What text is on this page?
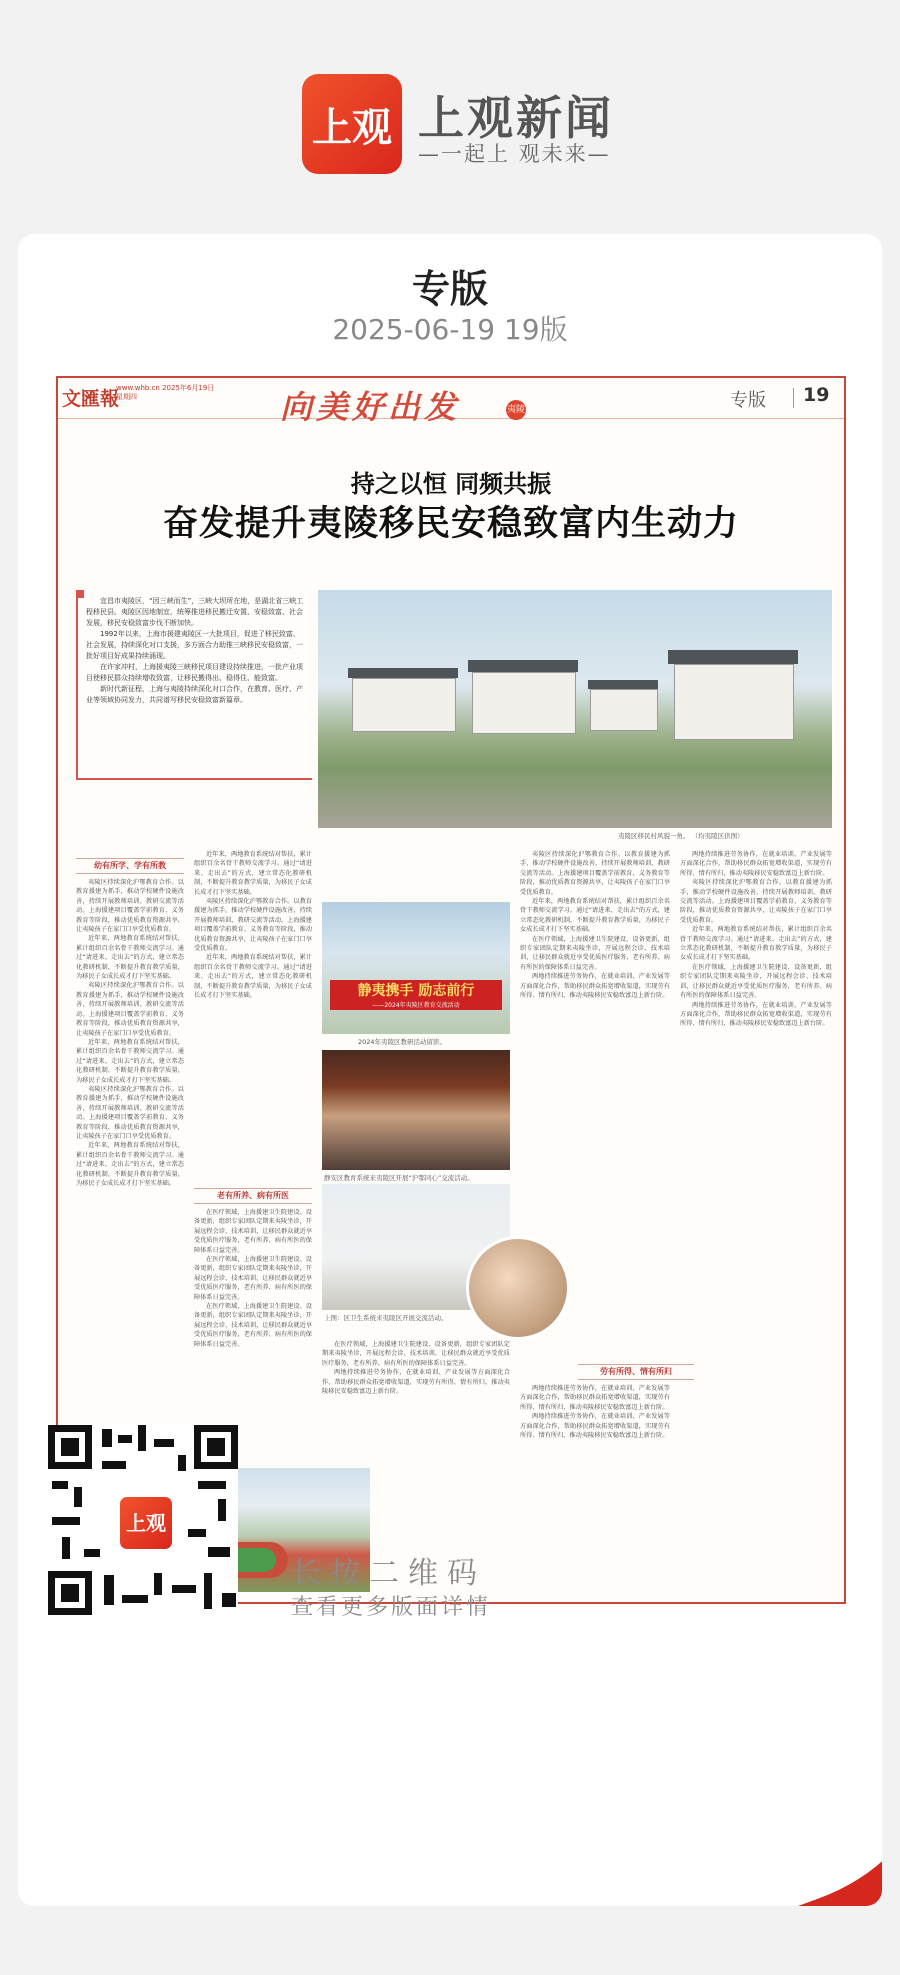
上观 上观新闻
—一起上 观未来—
专版
2025-06-19 19版
文匯報
www.whb.cn 2025年6月19日 星期四	向美好出发	夷陵	专版 19
持之以恒 同频共振
奋发提升夷陵移民安稳致富内生动力

宜昌市夷陵区，“因三峡而生”，三峡大坝所在地，是湖北省三峡工程移民县。夷陵区因地制宜，统筹推进移民搬迁安置、安稳致富、社会发展，移民安稳致富步伐不断加快。

1992年以来，上海市援建夷陵区一大批项目，促进了移民致富、社会发展，持续深化对口支援，多方面合力助推三峡移民安稳致富，一批好项目好成果持续涌现。

在许家冲村，上海援夷陵三峡移民项目建设持续推进，一批产业项目使移民群众持续增收致富，让移民搬得出、稳得住、能致富。

新时代新征程，上海与夷陵持续深化对口合作，在教育、医疗、产业等领域协同发力，共同谱写移民安稳致富新篇章。

夷陵区移民村风貌一角。 （均夷陵区供图）
幼有所学、学有所教

夷陵区持续深化沪鄂教育合作。以教育援建为抓手，推动学校硬件设施改善，持续开展教师培训、教研交流等活动。上海援建项目覆盖学前教育、义务教育等阶段，推动优质教育资源共享，让夷陵孩子在家门口享受优质教育。

近年来，两地教育系统结对帮扶，累计组织百余名骨干教师交流学习。通过“请进来、走出去”的方式，建立常态化教研机制，不断提升教育教学质量，为移民子女成长成才打下坚实基础。

夷陵区持续深化沪鄂教育合作。以教育援建为抓手，推动学校硬件设施改善，持续开展教师培训、教研交流等活动。上海援建项目覆盖学前教育、义务教育等阶段，推动优质教育资源共享，让夷陵孩子在家门口享受优质教育。

近年来，两地教育系统结对帮扶，累计组织百余名骨干教师交流学习。通过“请进来、走出去”的方式，建立常态化教研机制，不断提升教育教学质量，为移民子女成长成才打下坚实基础。

夷陵区持续深化沪鄂教育合作。以教育援建为抓手，推动学校硬件设施改善，持续开展教师培训、教研交流等活动。上海援建项目覆盖学前教育、义务教育等阶段，推动优质教育资源共享，让夷陵孩子在家门口享受优质教育。

近年来，两地教育系统结对帮扶，累计组织百余名骨干教师交流学习。通过“请进来、走出去”的方式，建立常态化教研机制，不断提升教育教学质量，为移民子女成长成才打下坚实基础。

近年来，两地教育系统结对帮扶，累计组织百余名骨干教师交流学习。通过“请进来、走出去”的方式，建立常态化教研机制，不断提升教育教学质量，为移民子女成长成才打下坚实基础。

夷陵区持续深化沪鄂教育合作。以教育援建为抓手，推动学校硬件设施改善，持续开展教师培训、教研交流等活动。上海援建项目覆盖学前教育、义务教育等阶段，推动优质教育资源共享，让夷陵孩子在家门口享受优质教育。

近年来，两地教育系统结对帮扶，累计组织百余名骨干教师交流学习。通过“请进来、走出去”的方式，建立常态化教研机制，不断提升教育教学质量，为移民子女成长成才打下坚实基础。

老有所养、病有所医

在医疗领域，上海援建卫生院建设、设备更新，组织专家团队定期来夷陵坐诊，开展远程会诊、技术培训，让移民群众就近享受优质医疗服务，老有所养、病有所医的保障体系日益完善。

在医疗领域，上海援建卫生院建设、设备更新，组织专家团队定期来夷陵坐诊，开展远程会诊、技术培训，让移民群众就近享受优质医疗服务，老有所养、病有所医的保障体系日益完善。

在医疗领域，上海援建卫生院建设、设备更新，组织专家团队定期来夷陵坐诊，开展远程会诊、技术培训，让移民群众就近享受优质医疗服务，老有所养、病有所医的保障体系日益完善。

静夷携手 励志前行
——2024年夷陵区教育交流活动
2024年夷陵区教研活动留影。
静安区教育系统来夷陵区开展“沪鄂同心”交流活动。
上图：区卫生系统来夷陵区开展交流活动。

在医疗领域，上海援建卫生院建设、设备更新，组织专家团队定期来夷陵坐诊，开展远程会诊、技术培训，让移民群众就近享受优质医疗服务，老有所养、病有所医的保障体系日益完善。

两地持续推进劳务协作，在就业培训、产业发展等方面深化合作，帮助移民群众拓宽增收渠道，实现劳有所得、情有所归，推动夷陵移民安稳致富迈上新台阶。

夷陵区持续深化沪鄂教育合作。以教育援建为抓手，推动学校硬件设施改善，持续开展教师培训、教研交流等活动。上海援建项目覆盖学前教育、义务教育等阶段，推动优质教育资源共享，让夷陵孩子在家门口享受优质教育。

近年来，两地教育系统结对帮扶，累计组织百余名骨干教师交流学习。通过“请进来、走出去”的方式，建立常态化教研机制，不断提升教育教学质量，为移民子女成长成才打下坚实基础。

在医疗领域，上海援建卫生院建设、设备更新，组织专家团队定期来夷陵坐诊，开展远程会诊、技术培训，让移民群众就近享受优质医疗服务，老有所养、病有所医的保障体系日益完善。

两地持续推进劳务协作，在就业培训、产业发展等方面深化合作，帮助移民群众拓宽增收渠道，实现劳有所得、情有所归，推动夷陵移民安稳致富迈上新台阶。

劳有所得、情有所归

两地持续推进劳务协作，在就业培训、产业发展等方面深化合作，帮助移民群众拓宽增收渠道，实现劳有所得、情有所归，推动夷陵移民安稳致富迈上新台阶。

两地持续推进劳务协作，在就业培训、产业发展等方面深化合作，帮助移民群众拓宽增收渠道，实现劳有所得、情有所归，推动夷陵移民安稳致富迈上新台阶。

两地持续推进劳务协作，在就业培训、产业发展等方面深化合作，帮助移民群众拓宽增收渠道，实现劳有所得、情有所归，推动夷陵移民安稳致富迈上新台阶。

夷陵区持续深化沪鄂教育合作。以教育援建为抓手，推动学校硬件设施改善，持续开展教师培训、教研交流等活动。上海援建项目覆盖学前教育、义务教育等阶段，推动优质教育资源共享，让夷陵孩子在家门口享受优质教育。

近年来，两地教育系统结对帮扶，累计组织百余名骨干教师交流学习。通过“请进来、走出去”的方式，建立常态化教研机制，不断提升教育教学质量，为移民子女成长成才打下坚实基础。

在医疗领域，上海援建卫生院建设、设备更新，组织专家团队定期来夷陵坐诊，开展远程会诊、技术培训，让移民群众就近享受优质医疗服务，老有所养、病有所医的保障体系日益完善。

两地持续推进劳务协作，在就业培训、产业发展等方面深化合作，帮助移民群众拓宽增收渠道，实现劳有所得、情有所归，推动夷陵移民安稳致富迈上新台阶。

上观
长按二维码
查看更多版面详情
